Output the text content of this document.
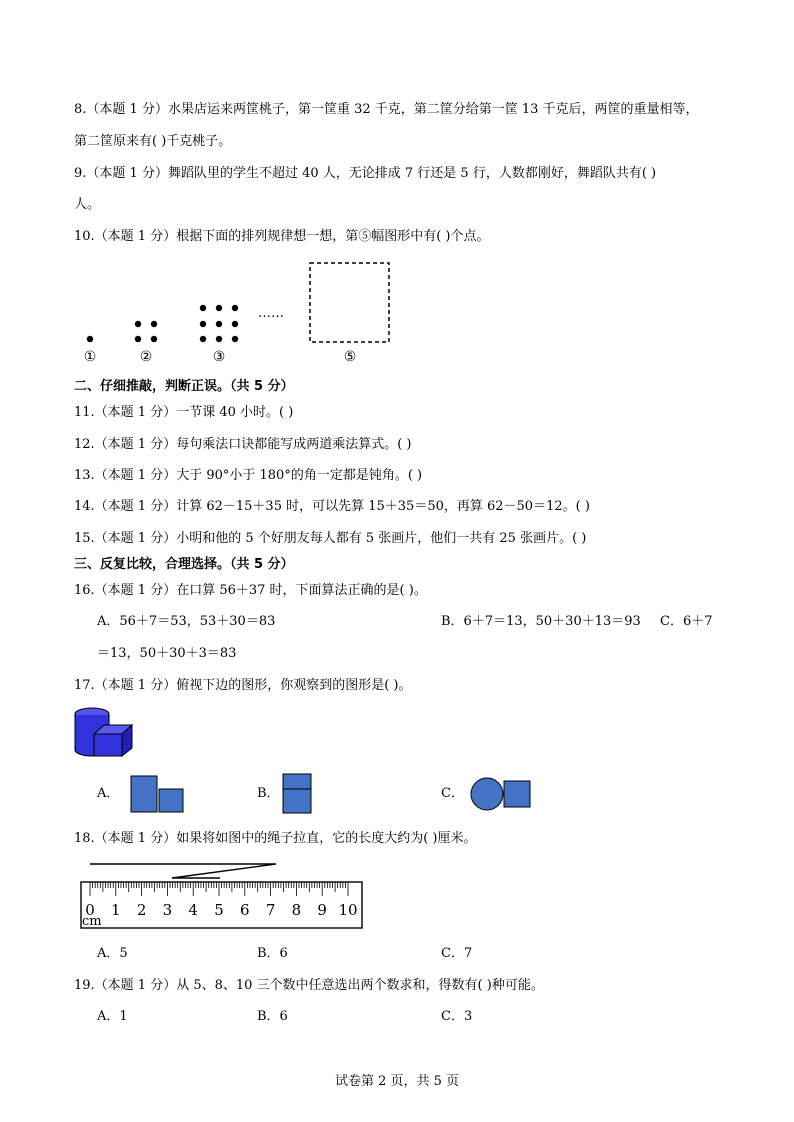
8.（本题 1 分）水果店运来两筐桃子，第一筐重 32 千克，第二筐分给第一筐 13 千克后，两筐的重量相等，
第二筐原来有( )千克桃子。
9.（本题 1 分）舞蹈队里的学生不超过 40 人，无论排成 7 行还是 5 行，人数都刚好，舞蹈队共有( )
人。
10.（本题 1 分）根据下面的排列规律想一想，第⑤幅图形中有( )个点。
①	②	③	⑤
……
二、仔细推敲，判断正误。（共 5 分）
11.（本题 1 分）一节课 40 小时。( )
12.（本题 1 分）每句乘法口诀都能写成两道乘法算式。( )
13.（本题 1 分）大于 90°小于 180°的角一定都是钝角。( )
14.（本题 1 分）计算 62－15＋35 时，可以先算 15＋35＝50，再算 62－50＝12。( )
15.（本题 1 分）小明和他的 5 个好朋友每人都有 5 张画片，他们一共有 25 张画片。( )
三、反复比较，合理选择。（共 5 分）
16.（本题 1 分）在口算 56＋37 时，下面算法正确的是( )。
A．56＋7＝53，53＋30＝83	B．6＋7＝13，50＋30＋13＝93 C．6＋7
＝13，50＋30＋3＝83
17.（本题 1 分）俯视下边的图形，你观察到的图形是( )。
A．	B．	C．
18.（本题 1 分）如果将如图中的绳子拉直，它的长度大约为( )厘米。
0 1 2 3 4 5 6 7 8 9 10
cm
A．5	B．6	C．7
19.（本题 1 分）从 5、8、10 三个数中任意选出两个数求和，得数有( )种可能。
A．1	B．6	C．3
试卷第 2 页，共 5 页
